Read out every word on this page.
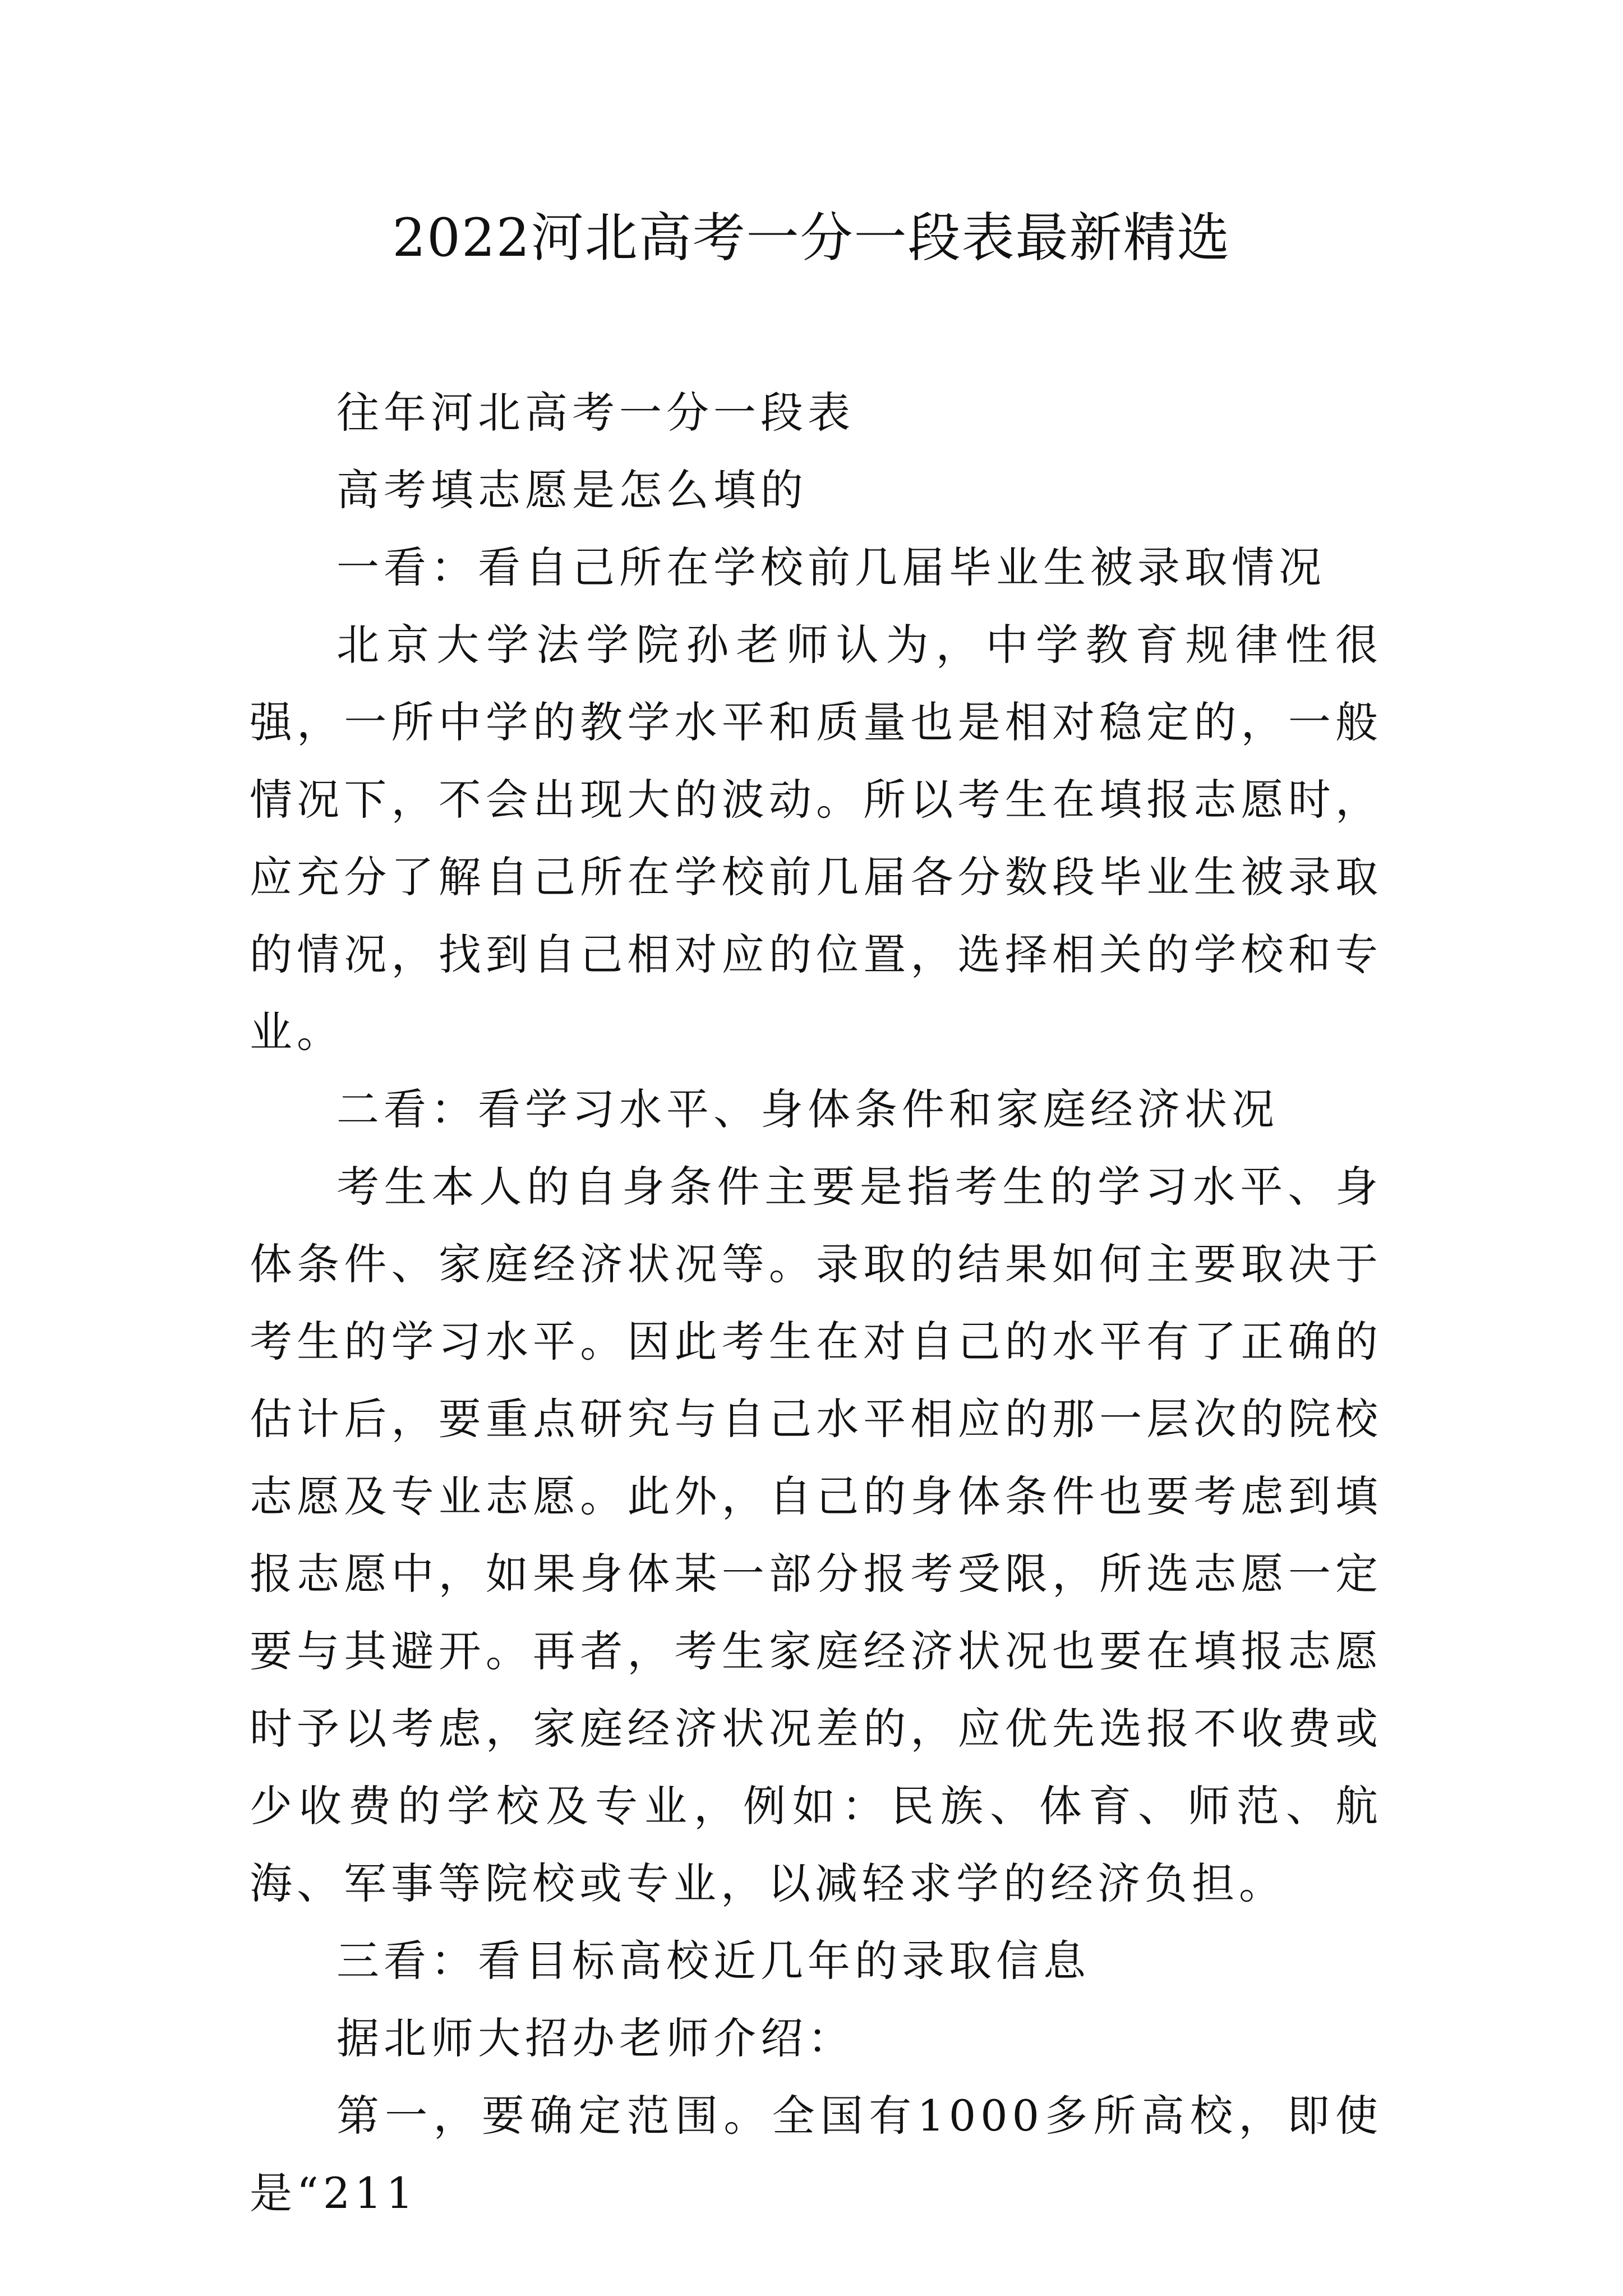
2022河北高考一分一段表最新精选

往年河北高考一分一段表

高考填志愿是怎么填的

一看：看自己所在学校前几届毕业生被录取情况

北京大学法学院孙老师认为，中学教育规律性很强，一所中学的教学水平和质量也是相对稳定的，一般情况下，不会出现大的波动。所以考生在填报志愿时，应充分了解自己所在学校前几届各分数段毕业生被录取的情况，找到自己相对应的位置，选择相关的学校和专业。

二看：看学习水平、身体条件和家庭经济状况

考生本人的自身条件主要是指考生的学习水平、身体条件、家庭经济状况等。录取的结果如何主要取决于考生的学习水平。因此考生在对自己的水平有了正确的估计后，要重点研究与自己水平相应的那一层次的院校志愿及专业志愿。此外，自己的身体条件也要考虑到填报志愿中，如果身体某一部分报考受限，所选志愿一定要与其避开。再者，考生家庭经济状况也要在填报志愿时予以考虑，家庭经济状况差的，应优先选报不收费或少收费的学校及专业，例如：民族、体育、师范、航海、军事等院校或专业，以减轻求学的经济负担。

三看：看目标高校近几年的录取信息

据北师大招办老师介绍：

第一，要确定范围。全国有1000多所高校，即使是“211
